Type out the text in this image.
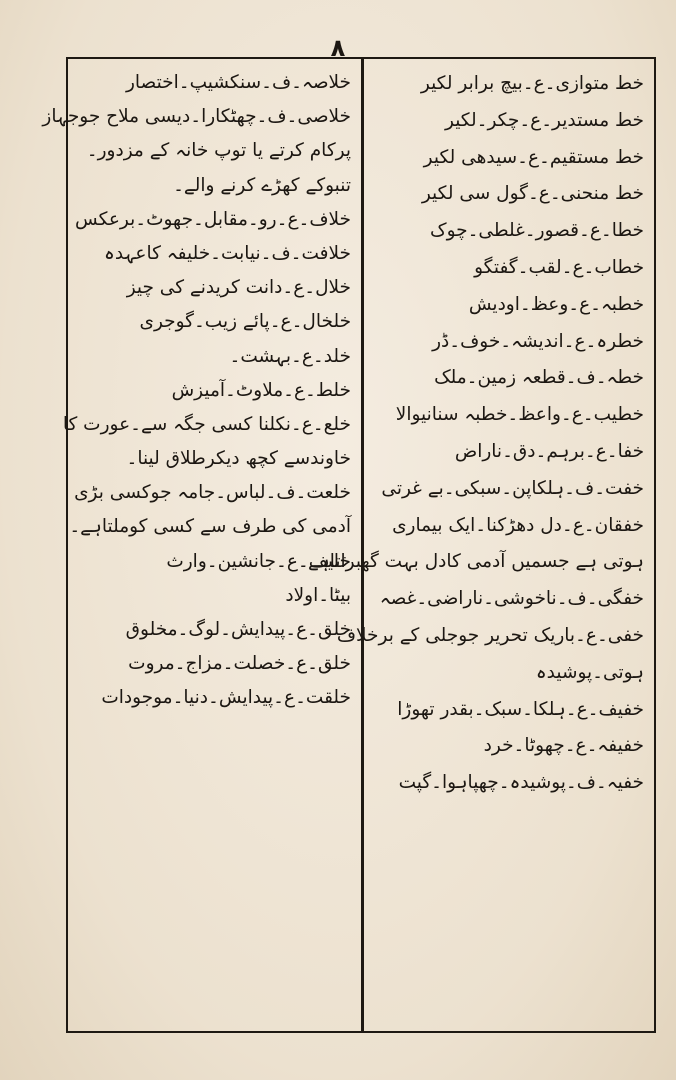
۸
خط متوازی۔ع۔بیچ برابر لکیر
خط مستدیر۔ع۔چکر۔لکیر
خط مستقیم۔ع۔سیدھی لکیر
خط منحنی۔ع۔گول سی لکیر
خطا۔ع۔قصور۔غلطی۔چوک
خطاب۔ع۔لقب۔گفتگو
خطبہ۔ع۔وعظ۔اودیش
خطرہ۔ع۔اندیشہ۔خوف۔ڈر
خطہ۔ف۔قطعہ زمین۔ملک
خطیب۔ع۔واعظ۔خطبہ سنانیوالا
خفا۔ع۔برہم۔دق۔ناراض
خفت۔ف۔ہلکاپن۔سبکی۔بے غرتی
خفقان۔ع۔دل دھڑکنا۔ایک بیماری
ہوتی ہے جسمیں آدمی کادل بہت گھبراتاہے
خفگی۔ف۔ناخوشی۔ناراضی۔غصہ
خفی۔ع۔باریک تحریر جوجلی کے برخلاف
ہوتی۔پوشیدہ
خفیف۔ع۔ہلکا۔سبک۔بقدر تھوڑا
خفیفہ۔ع۔چھوٹا۔خرد
خفیہ۔ف۔پوشیدہ۔چھپاہوا۔گپت
خلاصہ۔ف۔سنکشیپ۔اختصار
خلاصی۔ف۔چھٹکارا۔دیسی ملاح جوجہاز
پرکام کرتے یا توپ خانہ کے مزدور۔
تنبوکے کھڑے کرنے والے۔
خلاف۔ع۔رو۔مقابل۔جھوٹ۔برعکس
خلافت۔ف۔نیابت۔خلیفہ کاعہدہ
خلال۔ع۔دانت کریدنے کی چیز
خلخال۔ع۔پائے زیب۔گوجری
خلد۔ع۔بہشت۔
خلط۔ع۔ملاوٹ۔آمیزش
خلع۔ع۔نکلنا کسی جگہ سے۔عورت کا
خاوندسے کچھ دیکرطلاق لینا۔
خلعت۔ف۔لباس۔جامہ جوکسی بڑی
آدمی کی طرف سے کسی کوملتاہے۔
خلیف۔ع۔جانشین۔وارث
بیٹا۔اولاد
خلق۔ع۔پیدایش۔لوگ۔مخلوق
خلق۔ع۔خصلت۔مزاج۔مروت
خلقت۔ع۔پیدایش۔دنیا۔موجودات
